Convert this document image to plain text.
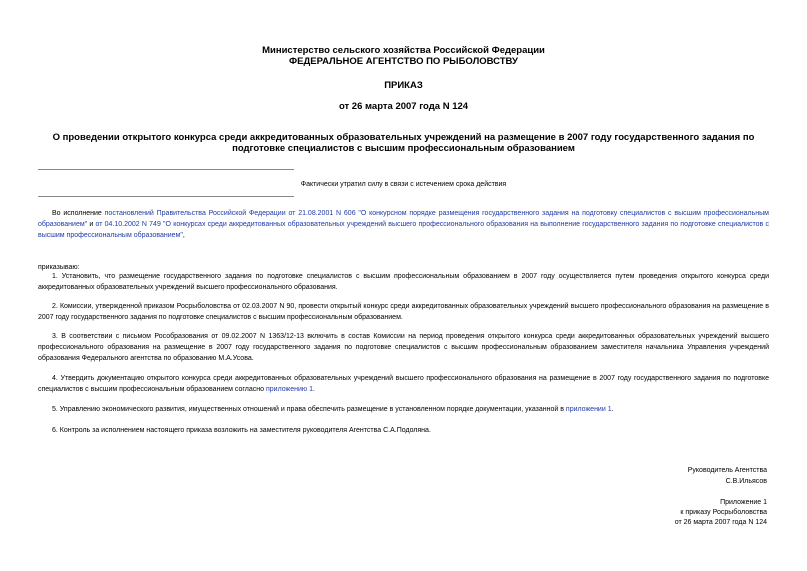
Министерство сельского хозяйства Российской Федерации
ФЕДЕРАЛЬНОЕ АГЕНТСТВО ПО РЫБОЛОВСТВУ
ПРИКАЗ
от 26 марта 2007 года N 124
О проведении открытого конкурса среди аккредитованных образовательных учреждений на размещение в 2007 году государственного задания по подготовке специалистов с высшим профессиональным образованием
Фактически утратил силу в связи с истечением срока действия
Во исполнение постановлений Правительства Российской Федерации от 21.08.2001 N 606 "О конкурсном порядке размещения государственного задания на подготовку специалистов с высшим профессиональным образованием" и от 04.10.2002 N 749 "О конкурсах среди аккредитованных образовательных учреждений высшего профессионального образования на выполнение государственного задания по подготовке специалистов с высшим профессиональным образованием",
приказываю:
1. Установить, что размещение государственного задания по подготовке специалистов с высшим профессиональным образованием в 2007 году осуществляется путем проведения открытого конкурса среди аккредитованных образовательных учреждений высшего профессионального образования.
2. Комиссии, утвержденной приказом Росрыболовства от 02.03.2007 N 90, провести открытый конкурс среди аккредитованных образовательных учреждений высшего профессионального образования на размещение в 2007 году государственного задания по подготовке специалистов с высшим профессиональным образованием.
3. В соответствии с письмом Рособразования от 09.02.2007 N 1363/12-13 включить в состав Комиссии на период проведения открытого конкурса среди аккредитованных образовательных учреждений высшего профессионального образования на размещение в 2007 году государственного задания по подготовке специалистов с высшим профессиональным образованием заместителя начальника Управления учреждений образования Федерального агентства по образованию М.А.Усова.
4. Утвердить документацию открытого конкурса среди аккредитованных образовательных учреждений высшего профессионального образования на размещение в 2007 году государственного задания по подготовке специалистов с высшим профессиональным образованием согласно приложению 1.
5. Управлению экономического развития, имущественных отношений и права обеспечить размещение в установленном порядке документации, указанной в приложении 1.
6. Контроль за исполнением настоящего приказа возложить на заместителя руководителя Агентства С.А.Подоляна.
Руководитель Агентства
С.В.Ильясов
Приложение 1
к приказу Росрыболовства
от 26 марта 2007 года N 124
